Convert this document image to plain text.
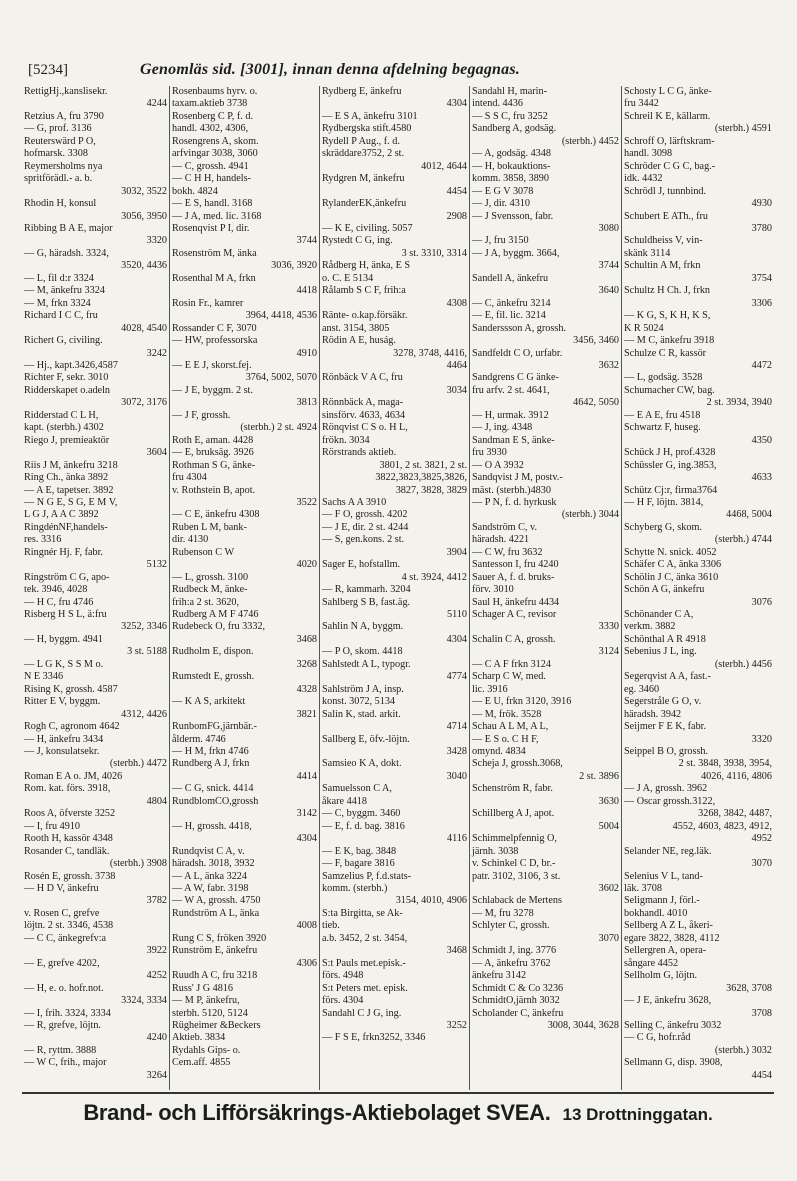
[5234]	Genomläs sid. [3001], innan denna afdelning begagnas.
RettigHj.,kanslisekr.
4244
Retzius A, fru 3790
— G, prof. 3136
Reuterswärd P O,
hofmarsk. 3308
Reymersholms nya
spritförädl.- a. b.
3032, 3522
Rhodin H, konsul
3056, 3950
Ribbing B A E, major
3320
— G, häradsh. 3324,
3520, 4436
— L, fil d:r 3324
— M, änkefru 3324
— M, frkn 3324
Richard I C C, fru
4028, 4540
Richert G, civiling.
3242
— Hj., kapt.3426,4587
Richter F, sekr. 3010
Ridderskapet o.adeln
3072, 3176
Ridderstad C L H,
kapt. (sterbh.) 4302
Riego J, premieaktör
3604
Riis J M, änkefru 3218
Ring Ch., änka 3892
— A E, tapetser. 3892
— N G E, S G, E M V,
L G J, A A C 3892
RingdénNF,handels-
res. 3316
Ringnér Hj. F, fabr.
5132
Ringström C G, apo-
tek. 3946, 4028
— H C, fru 4746
Risberg H S L, ä:fru
3252, 3346
— H, byggm. 4941
3 st. 5188
— L G K, S S M o.
N E 3346
Rising K, grossh. 4587
Ritter E V, byggm.
4312, 4426
Rogh C, agronom 4642
— H, änkefru 3434
— J, konsulatsekr.
(sterbh.) 4472
Roman E A o. JM, 4026
Rom. kat. förs. 3918,
4804
Roos A, öfverste 3252
— I, fru 4910
Rooth H, kassör 4348
Rosander C, tandläk.
(sterbh.) 3908
Rosén E, grossh. 3738
— H D V, änkefru
3782
v. Rosen C, grefve
löjtn. 2 st. 3346, 4538
— C C, änkegrefv:a
3922
— E, grefve 4202,
4252
— H, e. o. hofr.not.
3324, 3334
— I, frih. 3324, 3334
— R, grefve, löjtn.
4240
— R, ryttm. 3888
— W C, frih., major
3264
Rosenbaums hyrv. o.
taxam.aktieb 3738
Rosenberg C P, f. d.
handl. 4302, 4306,
Rosengrens A, skom.
arfvingar 3038, 3060
— C, grossh. 4941
— C H H, handels-
bokh. 4824
— E S, handl. 3168
— J A, med. lic. 3168
Rosenqvist P I, dir.
3744
Rosenström M, änka
3036, 3920
Rosenthal M A, frkn
4418
Rosin Fr., kamrer
3964, 4418, 4536
Rossander C F, 3070
— HW, professorska
4910
— E E J, skorst.fej.
3764, 5002, 5070
— J E, byggm. 2 st.
3813
— J F, grossh.
(sterbh.) 2 st. 4924
Roth E, aman. 4428
— E, bruksäg. 3926
Rothman S G, änke-
fru 4304
v. Rothstein B, apot.
3522
— C E, änkefru 4308
Ruben L M, bank-
dir. 4130
Rubenson C W
4020
— L, grossh. 3100
Rudbeck M, änke-
frih:a 2 st. 3620,
Rudberg A M F 4746
Rudebeck O, fru 3332,
3468
Rudholm E, dispon.
3268
Rumstedt E, grossh.
4328
— K A S, arkitekt
3821
RunbomFG,järnbär.-
ålderm. 4746
— H M, frkn 4746
Rundberg A J, frkn
4414
— C G, snick. 4414
RundblomCO,grossh
3142
— H, grossh. 4418,
4304
Rundqvist C A, v.
häradsh. 3018, 3932
— A L, änka 3224
— A W, fabr. 3198
— W A, grossh. 4750
Rundström A L, änka
4008
Rung C S, fröken 3920
Runström E, änkefru
4306
Ruudh A C, fru 3218
Russ' J G 4816
— M P, änkefru,
sterbh. 5120, 5124
Rügheimer &Beckers
Aktieb. 3834
Rydahls Gips- o.
Cem.aff. 4855
Rydberg E, änkefru
4304
— E S A, änkefru 3101
Rydbergska stift.4580
Rydell P Aug., f. d.
skräddare3752, 2 st.
4012, 4644
Rydgren M, änkefru
4454
RylanderEK,änkefru
2908
— K E, civiling. 5057
Rystedt C G, ing.
3 st. 3310, 3314
Rådberg H, änka, E S
o. C. E 5134
Rålamb S C F, frih:a
4308
Ränte- o.kap.försäkr.
anst. 3154, 3805
Rödin A E, huság.
3278, 3748, 4416,
4464
Rönbäck V A C, fru
3034
Rönnbäck A, maga-
sinsförv. 4633, 4634
Rönqvist C S o. H L,
frökn. 3034
Rörstrands aktieb.
3801, 2 st. 3821, 2 st.
3822,3823,3825,3826,
3827, 3828, 3829
Sachs A A 3910
— F O, grossh. 4202
— J E, dir. 2 st. 4244
— S, gen.kons. 2 st.
3904
Sager E, hofstallm.
4 st. 3924, 4412
— R, kammarh. 3204
Sahlberg S B, fast.äg.
5110
Sahlin N A, byggm.
4304
— P O, skom. 4418
Sahlstedt A L, typogr.
4774
Sahlström J A, insp.
konst. 3072, 5134
Salin K, stad. arkit.
4714
Sallberg E, öfv.-löjtn.
3428
Samsieo K A, dokt.
3040
Samuelsson C A,
åkare 4418
— C, byggm. 3460
— E, f. d. bag. 3816
4116
— E K, bag. 3848
— F, bagare 3816
Samzelius P, f.d.stats-
komm. (sterbh.)
3154, 4010, 4906
S:ta Birgitta, se Ak-
tieb.
a.b. 3452, 2 st. 3454,
3468
S:t Pauls met.episk.-
förs. 4948
S:t Peters met. episk.
förs. 4304
Sandahl C J G, ing.
3252
— F S E, frkn3252, 3346
Sandahl H, marin-
intend. 4436
— S S C, fru 3252
Sandberg A, godsäg.
(sterbh.) 4452
— A, godsäg. 4348
— H, bokauktions-
komm. 3858, 3890
— E G V 3078
— J, dir. 4310
— J Svensson, fabr.
3080
— J, fru 3150
— J A, byggm. 3664,
3744
Sandell A, änkefru
3640
— C, änkefru 3214
— E, fil. lic. 3214
Sanderssson A, grossh.
3456, 3460
Sandfeldt C O, urfabr.
3632
Sandgrens C G änke-
fru arfv. 2 st. 4641,
4642, 5050
— H, urmak. 3912
— J, ing. 4348
Sandman E S, änke-
fru 3930
— O A 3932
Sandqvist J M, postv.-
mäst. (sterbh.)4830
— P N, f. d. hyrkusk
(sterbh.) 3044
Sandström C, v.
häradsh. 4221
— C W, fru 3632
Santesson I, fru 4240
Sauer A, f. d. bruks-
förv. 3010
Saul H, änkefru 4434
Schager A C, revisor
3330
Schalin C A, grossh.
3124
— C A F frkn 3124
Scharp C W, med.
lic. 3916
— E U, frkn 3120, 3916
— M, frök. 3528
Schau A L M, A L,
— E S o. C H F,
omynd. 4834
Scheja J, grossh.3068,
2 st. 3896
Schenström R, fabr.
3630
Schillberg A J, apot.
5004
Schimmelpfennig O,
järnh. 3038
v. Schinkel C D, br.-
patr. 3102, 3106, 3 st.
3602
Schlaback de Mertens
— M, fru 3278
Schlyter C, grossh.
3070
Schmidt J, ing. 3776
— A, änkefru 3762
änkefru 3142
Schmidt C & Co 3236
SchmidtO,järnh 3032
Scholander C, änkefru
3008, 3044, 3628
Schosty L C G, änke-
fru 3442
Schreil K E, källarm.
(sterbh.) 4591
Schroff O, lärftskram-
handl. 3098
Schröder C G C, bag.-
idk. 4432
Schrödl J, tunnbind.
4930
Schubert E ATh., fru
3780
Schuldheiss V, vin-
skänk 3114
Schultin A M, frkn
3754
Schultz H Ch. J, frkn
3306
— K G, S, K H, K S,
K R 5024
— M C, änkefru 3918
Schulze C R, kassör
4472
— L, godsäg. 3528
Schumacher CW, bag.
2 st. 3934, 3940
— E A E, fru 4518
Schwartz F, huseg.
4350
Schück J H, prof.4328
Schüssler G, ing.3853,
4633
Schütz Cj:r, firma3764
— H F, löjtn. 3814,
4468, 5004
Schyberg G, skom.
(sterbh.) 4744
Schytte N. snick. 4052
Schäfer C A, änka 3306
Schölin J C, änka 3610
Schön A G, änkefru
3076
Schönander C A,
verkm. 3882
Schönthal A R 4918
Sebenius J L, ing.
(sterbh.) 4456
Segerqvist A A, fast.-
eg. 3460
Segerstråle G O, v.
häradsh. 3942
Seijmer F E K, fabr.
3320
Seippel B O, grossh.
2 st. 3848, 3938, 3954,
4026, 4116, 4806
— J A, grossh. 3962
— Oscar grossh.3122,
3268, 3842, 4487,
4552, 4603, 4823, 4912,
4952
Selander NE, reg.läk.
3070
Selenius V L, tand-
läk. 3708
Seligmann J, förl.-
bokhandl. 4010
Sellberg A Z L, åkeri-
egare 3822, 3828, 4112
Sellergren A, opera-
sångare 4452
Sellholm G, löjtn.
3628, 3708
— J E, änkefru 3628,
3708
Selling C, änkefru 3032
— C G, hofr.råd
(sterbh.) 3032
Sellmann G, disp. 3908,
4454
Brand- och Lifförsäkrings-Aktiebolaget SVEA. 13 Drottninggatan.
